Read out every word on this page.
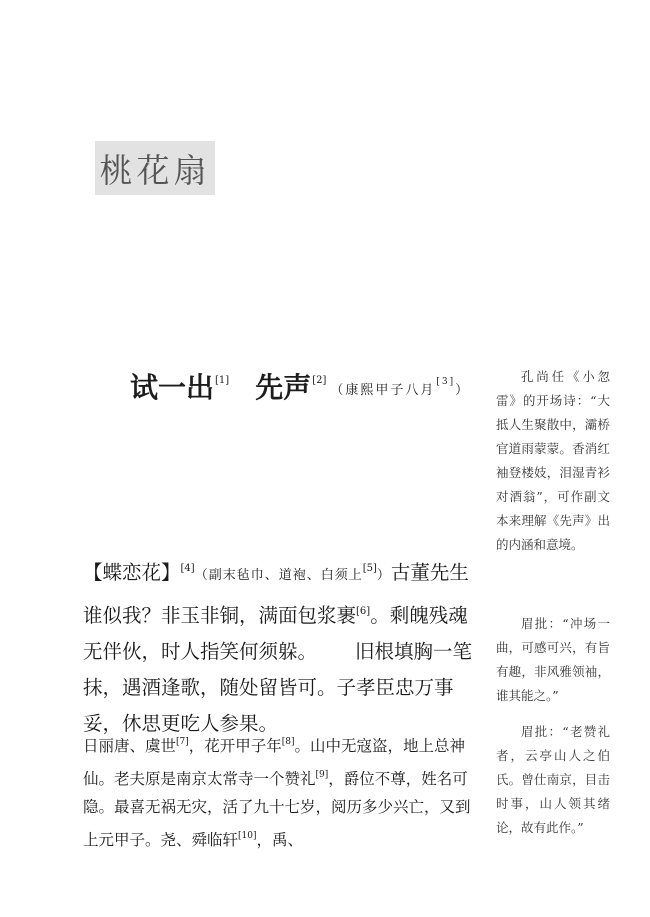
桃花扇
试一出[1] 先声[2]（康熙甲子八月[3]）

【蝶恋花】[4]（副末毡巾、道袍、白须上[5]）古董先生谁似我？非玉非铜，满面包浆裹[6]。剩魄残魂无伴伙，时人指笑何须躲。 旧根填胸一笔抹，遇酒逢歌，随处留皆可。子孝臣忠万事妥，休思更吃人参果。

日丽唐、虞世[7]，花开甲子年[8]。山中无寇盗，地上总神仙。老夫原是南京太常寺一个赞礼[9]，爵位不尊，姓名可隐。最喜无祸无灾，活了九十七岁，阅历多少兴亡，又到上元甲子。尧、舜临轩[10]，禹、

孔尚任《小忽雷》的开场诗：“大抵人生聚散中，灞桥官道雨蒙蒙。香消红袖登楼妓，泪湿青衫对酒翁”，可作副文本来理解《先声》出的内涵和意境。

眉批：“冲场一曲，可感可兴，有旨有趣，非风雅领袖，谁其能之。”

眉批：“老赞礼者，云亭山人之伯氏。曾仕南京，目击时事，山人领其绪论，故有此作。”
